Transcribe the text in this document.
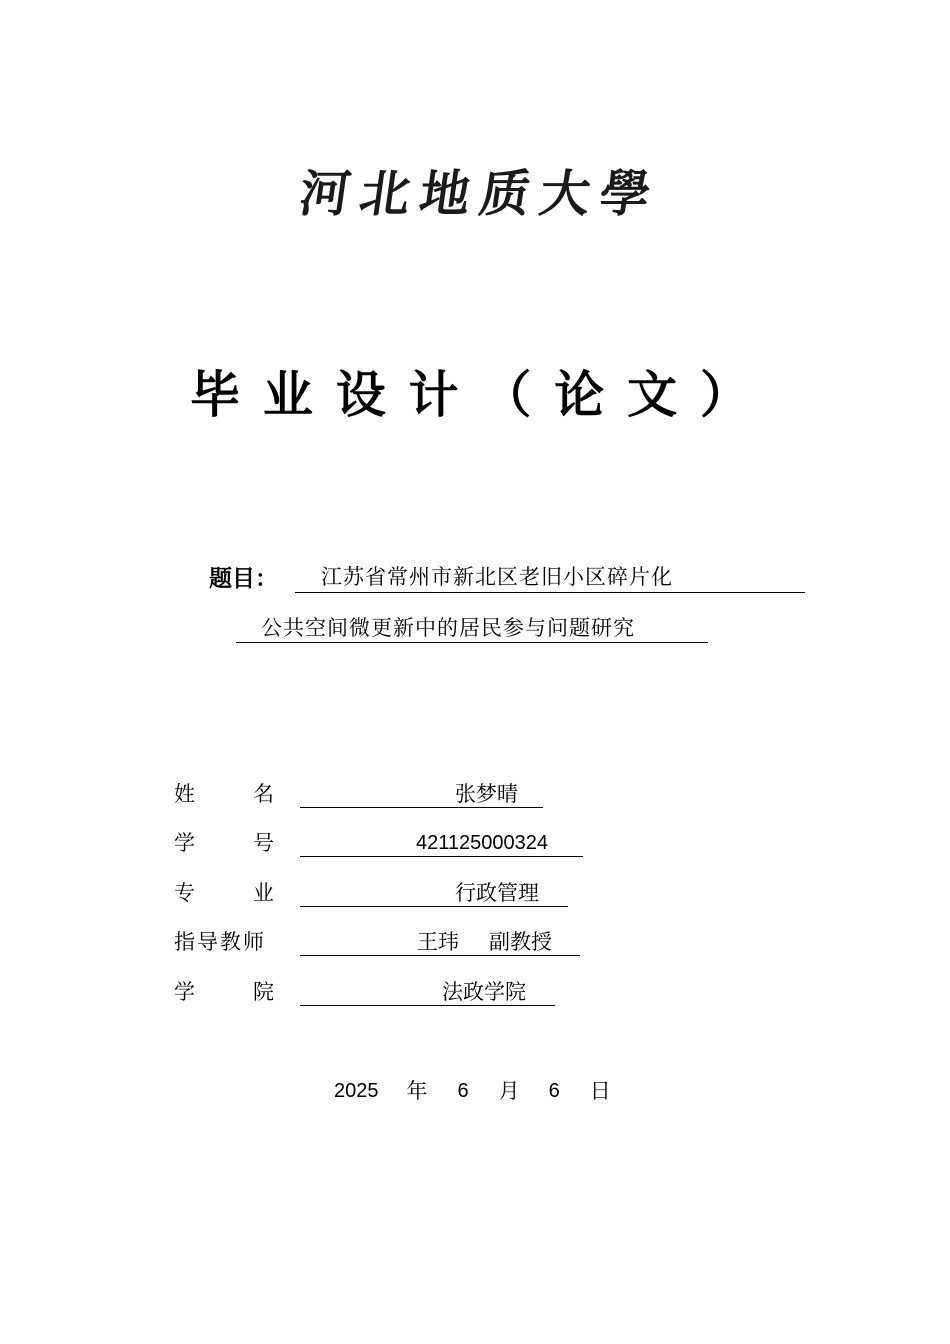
河 北 地 质 大 學
毕 业 设 计 （ 论 文 ）
题目：	江苏省常州市新北区老旧小区碎片化
公共空间微更新中的居民参与问题研究
姓	名	张梦晴
学	号	421125000324
专	业	行政管理
指导教师	王玮 副教授
学	院	法政学院
2025 年 6 月 6 日
